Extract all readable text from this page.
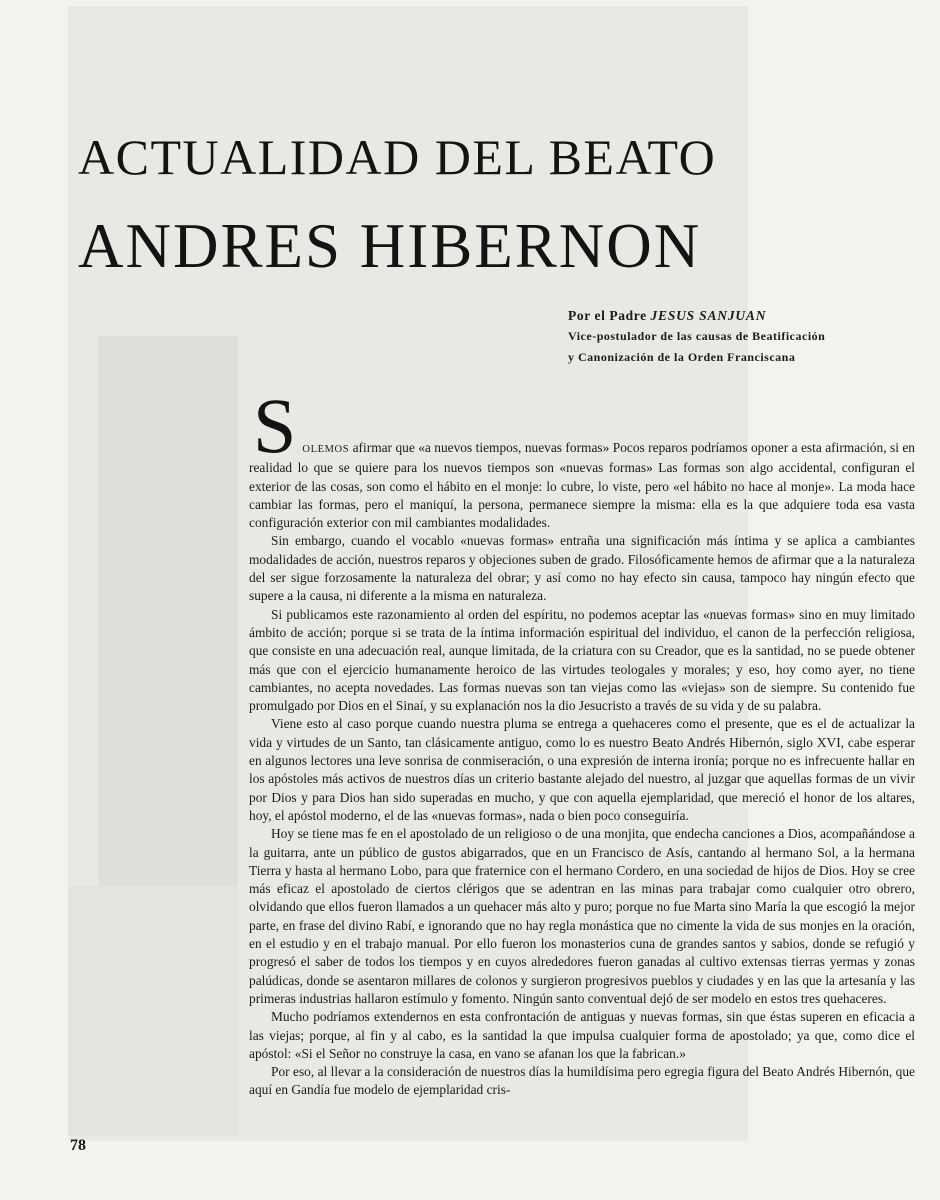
ACTUALIDAD DEL BEATO
ANDRES HIBERNON
Por el Padre JESUS SANJUAN
Vice-postulador de las causas de Beatificación
y Canonización de la Orden Franciscana
S OLEMOS afirmar que «a nuevos tiempos, nuevas formas» Pocos reparos podríamos oponer a esta afirmación, si en realidad lo que se quiere para los nuevos tiempos son «nuevas formas» Las formas son algo accidental, configuran el exterior de las cosas, son como el hábito en el monje: lo cubre, lo viste, pero «el hábito no hace al monje». La moda hace cambiar las formas, pero el maniquí, la persona, permanece siempre la misma: ella es la que adquiere toda esa vasta configuración exterior con mil cambiantes modalidades.

Sin embargo, cuando el vocablo «nuevas formas» entraña una significación más íntima y se aplica a cambiantes modalidades de acción, nuestros reparos y objeciones suben de grado. Filosóficamente hemos de afirmar que a la naturaleza del ser sigue forzosamente la naturaleza del obrar; y así como no hay efecto sin causa, tampoco hay ningún efecto que supere a la causa, ni diferente a la misma en naturaleza.

Si publicamos este razonamiento al orden del espíritu, no podemos aceptar las «nuevas formas» sino en muy limitado ámbito de acción; porque si se trata de la íntima información espiritual del individuo, el canon de la perfección religiosa, que consiste en una adecuación real, aunque limitada, de la criatura con su Creador, que es la santidad, no se puede obtener más que con el ejercicio humanamente heroico de las virtudes teologales y morales; y eso, hoy como ayer, no tiene cambiantes, no acepta novedades. Las formas nuevas son tan viejas como las «viejas» son de siempre. Su contenido fue promulgado por Dios en el Sinaí, y su explanación nos la dio Jesucristo a través de su vida y de su palabra.

Viene esto al caso porque cuando nuestra pluma se entrega a quehaceres como el presente, que es el de actualizar la vida y virtudes de un Santo, tan clásicamente antiguo, como lo es nuestro Beato Andrés Hibernón, siglo XVI, cabe esperar en algunos lectores una leve sonrisa de conmiseración, o una expresión de interna ironía; porque no es infrecuente hallar en los apóstoles más activos de nuestros días un criterio bastante alejado del nuestro, al juzgar que aquellas formas de un vivir por Dios y para Dios han sido superadas en mucho, y que con aquella ejemplaridad, que mereció el honor de los altares, hoy, el apóstol moderno, el de las «nuevas formas», nada o bien poco conseguiría.

Hoy se tiene mas fe en el apostolado de un religioso o de una monjita, que endecha canciones a Dios, acompañándose a la guitarra, ante un público de gustos abigarrados, que en un Francisco de Asís, cantando al hermano Sol, a la hermana Tierra y hasta al hermano Lobo, para que fraternice con el hermano Cordero, en una sociedad de hijos de Dios. Hoy se cree más eficaz el apostolado de ciertos clérigos que se adentran en las minas para trabajar como cualquier otro obrero, olvidando que ellos fueron llamados a un quehacer más alto y puro; porque no fue Marta sino María la que escogió la mejor parte, en frase del divino Rabí, e ignorando que no hay regla monástica que no cimente la vida de sus monjes en la oración, en el estudio y en el trabajo manual. Por ello fueron los monasterios cuna de grandes santos y sabios, donde se refugió y progresó el saber de todos los tiempos y en cuyos alrededores fueron ganadas al cultivo extensas tierras yermas y zonas palúdicas, donde se asentaron millares de colonos y surgieron progresivos pueblos y ciudades y en las que la artesanía y las primeras industrias hallaron estímulo y fomento. Ningún santo conventual dejó de ser modelo en estos tres quehaceres.

Mucho podríamos extendernos en esta confrontación de antiguas y nuevas formas, sin que éstas superen en eficacia a las viejas; porque, al fin y al cabo, es la santidad la que impulsa cualquier forma de apostolado; ya que, como dice el apóstol: «Si el Señor no construye la casa, en vano se afanan los que la fabrican.»

Por eso, al llevar a la consideración de nuestros días la humildísima pero egregia figura del Beato Andrés Hibernón, que aquí en Gandía fue modelo de ejemplaridad cris-

78
